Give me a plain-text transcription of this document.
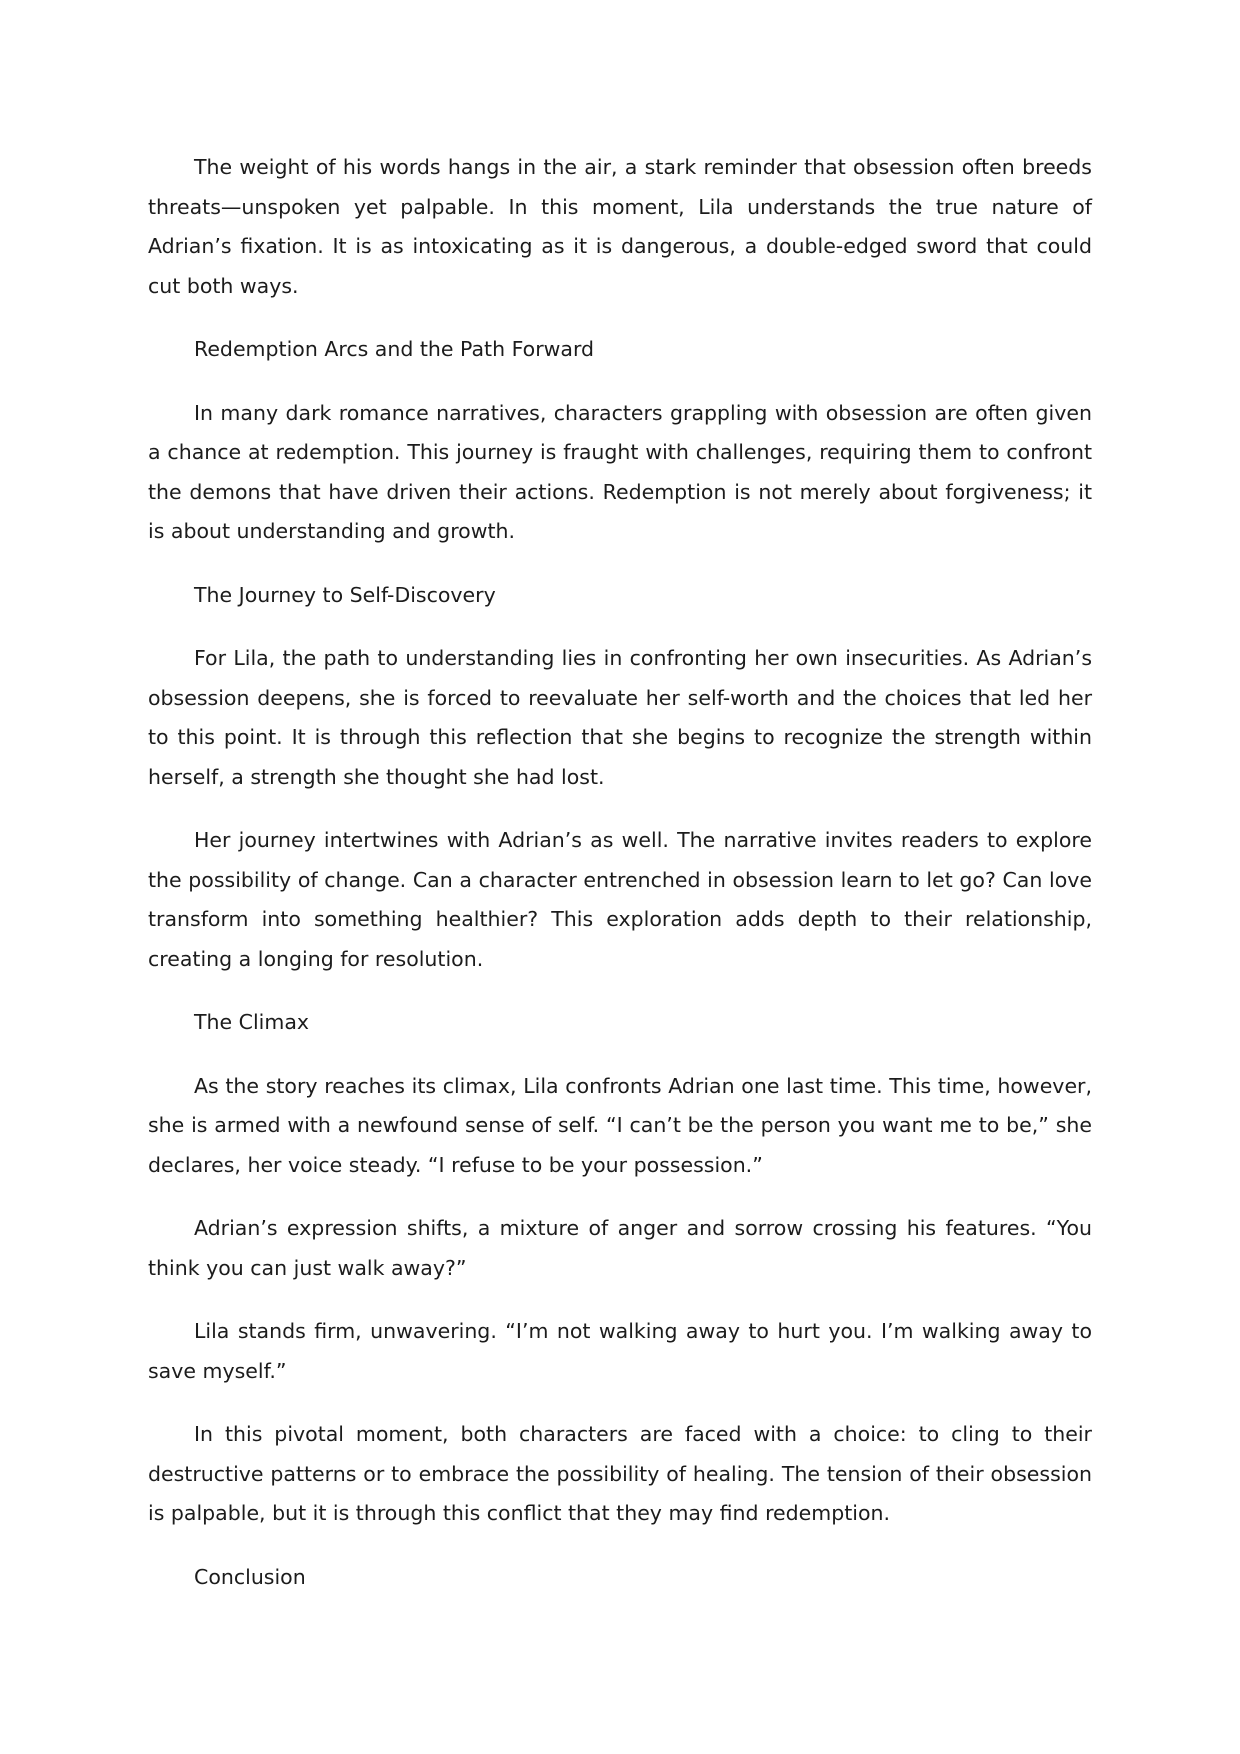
The weight of his words hangs in the air, a stark reminder that obsession often breeds threats—unspoken yet palpable. In this moment, Lila understands the true nature of Adrian’s fixation. It is as intoxicating as it is dangerous, a double-edged sword that could cut both ways.

Redemption Arcs and the Path Forward

In many dark romance narratives, characters grappling with obsession are often given a chance at redemption. This journey is fraught with challenges, requiring them to confront the demons that have driven their actions. Redemption is not merely about forgiveness; it is about understanding and growth.

The Journey to Self-Discovery

For Lila, the path to understanding lies in confronting her own insecurities. As Adrian’s obsession deepens, she is forced to reevaluate her self-worth and the choices that led her to this point. It is through this reflection that she begins to recognize the strength within herself, a strength she thought she had lost.

Her journey intertwines with Adrian’s as well. The narrative invites readers to explore the possibility of change. Can a character entrenched in obsession learn to let go? Can love transform into something healthier? This exploration adds depth to their relationship, creating a longing for resolution.

The Climax

As the story reaches its climax, Lila confronts Adrian one last time. This time, however, she is armed with a newfound sense of self. “I can’t be the person you want me to be,” she declares, her voice steady. “I refuse to be your possession.”

Adrian’s expression shifts, a mixture of anger and sorrow crossing his features. “You think you can just walk away?”

Lila stands firm, unwavering. “I’m not walking away to hurt you. I’m walking away to save myself.”

In this pivotal moment, both characters are faced with a choice: to cling to their destructive patterns or to embrace the possibility of healing. The tension of their obsession is palpable, but it is through this conflict that they may find redemption.

Conclusion
